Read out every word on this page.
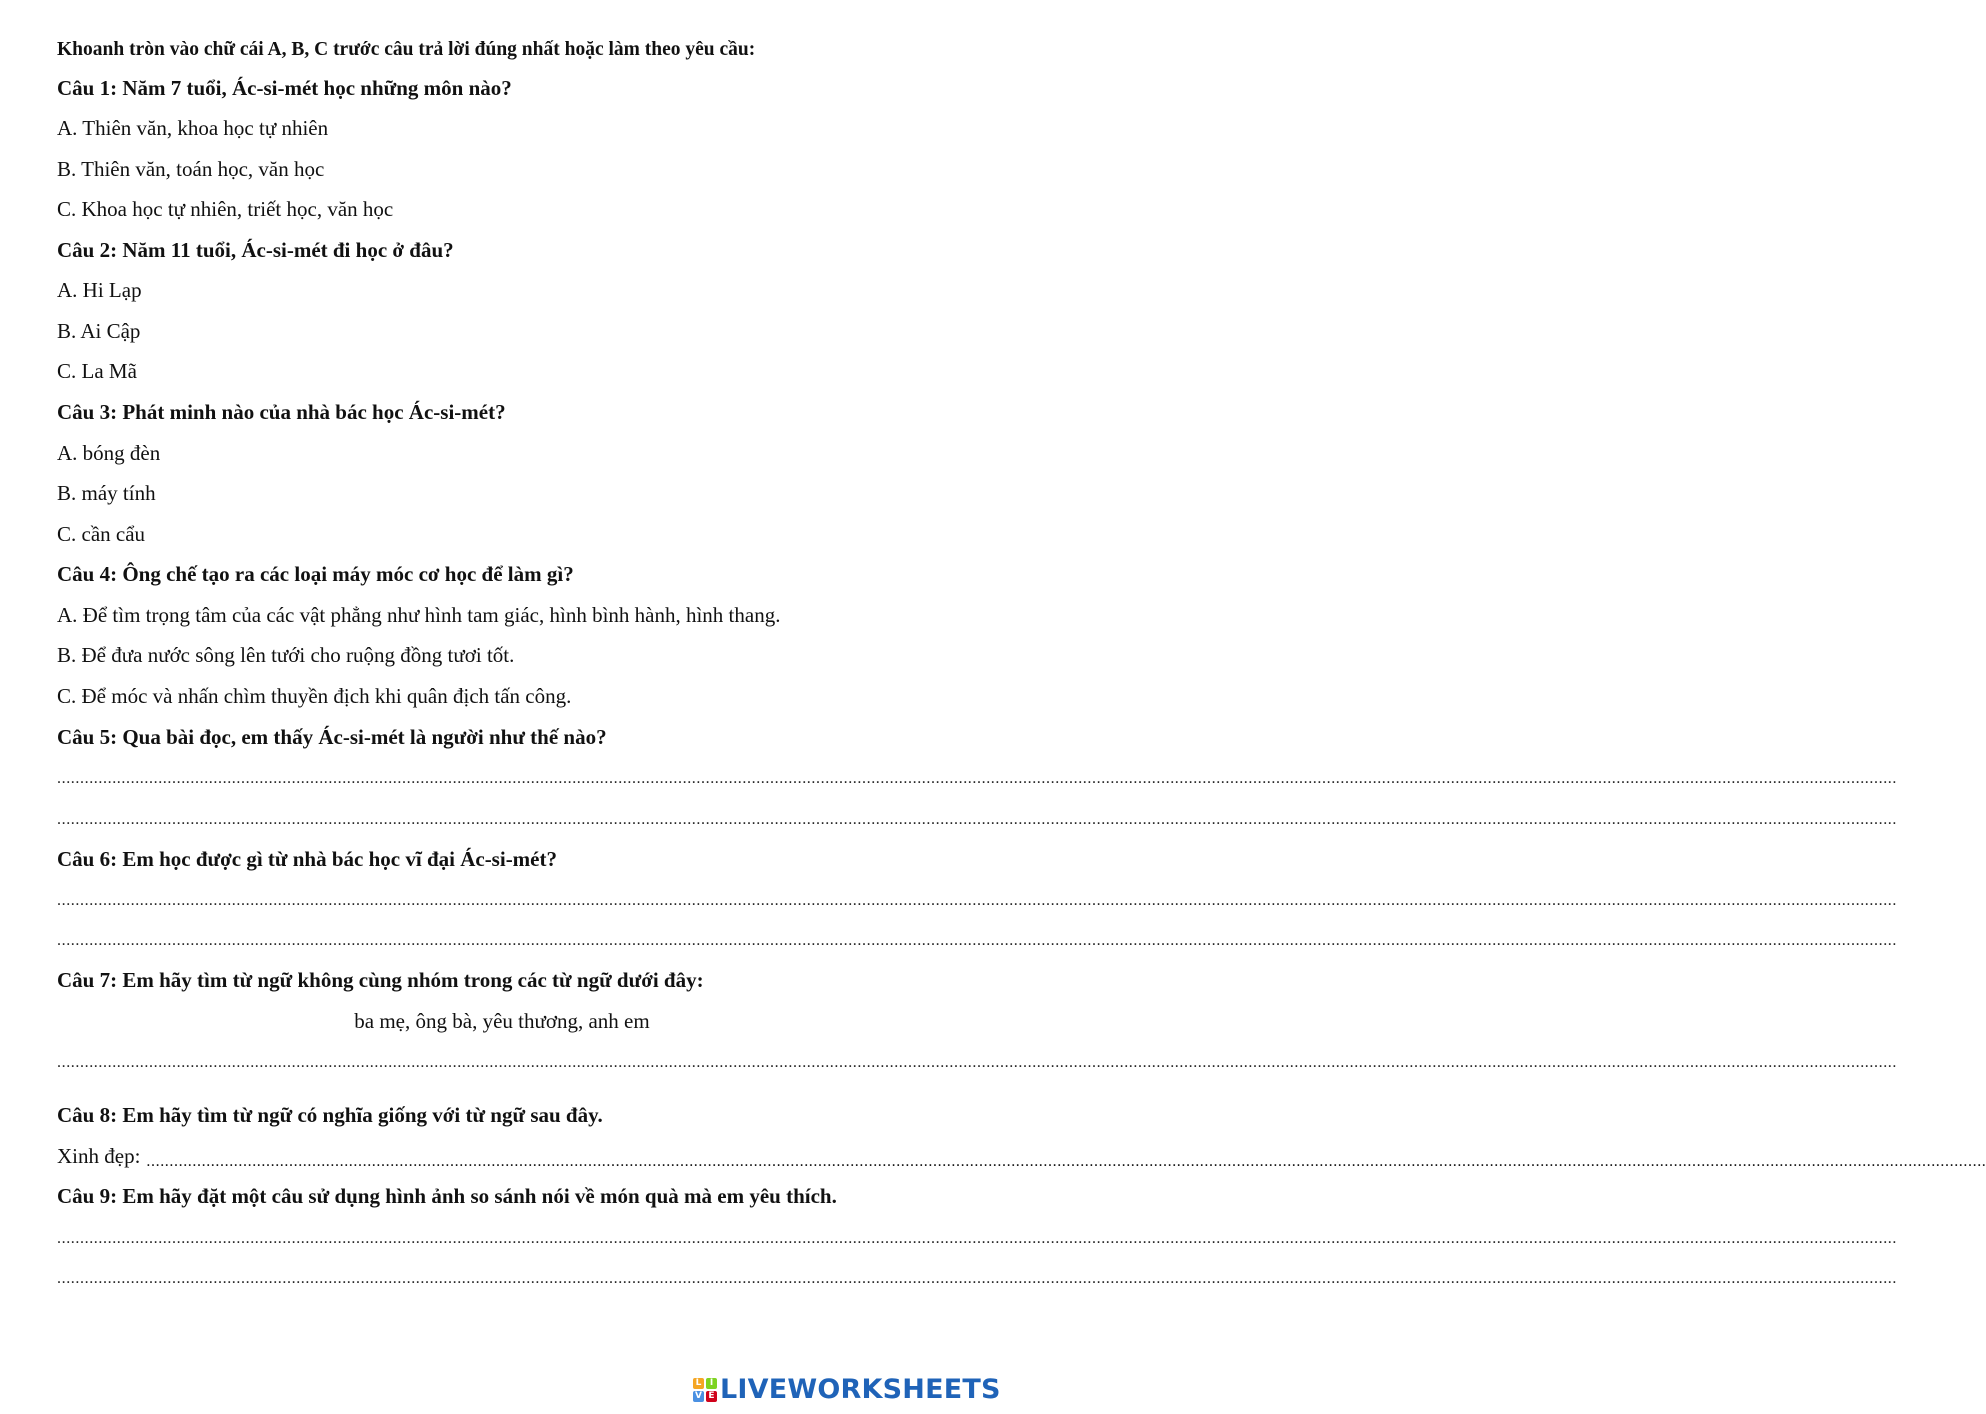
Khoanh tròn vào chữ cái A, B, C trước câu trả lời đúng nhất hoặc làm theo yêu cầu:
Câu 1: Năm 7 tuổi, Ác-si-mét học những môn nào?
A. Thiên văn, khoa học tự nhiên
B. Thiên văn, toán học, văn học
C. Khoa học tự nhiên, triết học, văn học
Câu 2: Năm 11 tuổi, Ác-si-mét đi học ở đâu?
A. Hi Lạp
B. Ai Cập
C. La Mã
Câu 3: Phát minh nào của nhà bác học Ác-si-mét?
A. bóng đèn
B. máy tính
C. cần cẩu
Câu 4: Ông chế tạo ra các loại máy móc cơ học để làm gì?
A. Để tìm trọng tâm của các vật phẳng như hình tam giác, hình bình hành, hình thang.
B. Để đưa nước sông lên tưới cho ruộng đồng tươi tốt.
C. Để móc và nhấn chìm thuyền địch khi quân địch tấn công.
Câu 5: Qua bài đọc, em thấy Ác-si-mét là người như thế nào?
................................................................................................................................................................................................................................................................................................................................................................................................................
................................................................................................................................................................................................................................................................................................................................................................................................................
Câu 6: Em học được gì từ nhà bác học vĩ đại Ác-si-mét?
................................................................................................................................................................................................................................................................................................................................................................................................................
................................................................................................................................................................................................................................................................................................................................................................................................................
Câu 7: Em hãy tìm từ ngữ không cùng nhóm trong các từ ngữ dưới đây:
ba mẹ, ông bà, yêu thương, anh em
................................................................................................................................................................................................................................................................................................................................................................................................................
Câu 8: Em hãy tìm từ ngữ có nghĩa giống với từ ngữ sau đây.
Xinh đẹp: ................................................................................................................................................................................................................................................................................................................................................................................................................
Câu 9: Em hãy đặt một câu sử dụng hình ảnh so sánh nói về món quà mà em yêu thích.
................................................................................................................................................................................................................................................................................................................................................................................................................
................................................................................................................................................................................................................................................................................................................................................................................................................
L I
V E LIVEWORKSHEETS
